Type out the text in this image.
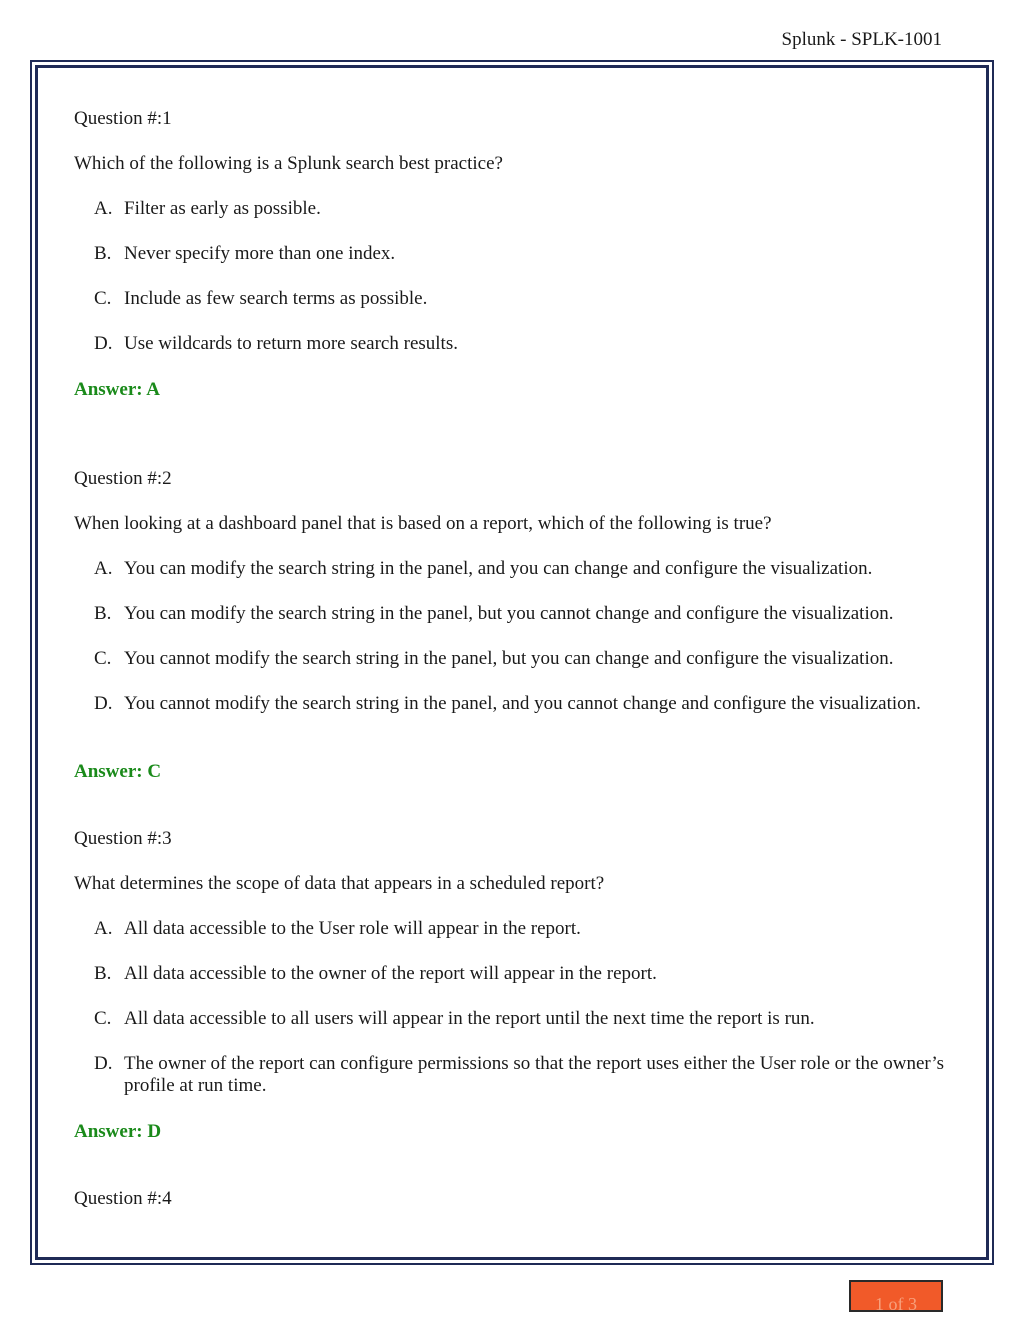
Splunk - SPLK-1001
Question #:1
Which of the following is a Splunk search best practice?
A. Filter as early as possible.
B. Never specify more than one index.
C. Include as few search terms as possible.
D. Use wildcards to return more search results.
Answer: A
Question #:2
When looking at a dashboard panel that is based on a report, which of the following is true?
A. You can modify the search string in the panel, and you can change and configure the visualization.
B. You can modify the search string in the panel, but you cannot change and configure the visualization.
C. You cannot modify the search string in the panel, but you can change and configure the visualization.
D. You cannot modify the search string in the panel, and you cannot change and configure the visualization.
Answer: C
Question #:3
What determines the scope of data that appears in a scheduled report?
A. All data accessible to the User role will appear in the report.
B. All data accessible to the owner of the report will appear in the report.
C. All data accessible to all users will appear in the report until the next time the report is run.
D. The owner of the report can configure permissions so that the report uses either the User role or the owner’s profile at run time.
Answer: D
Question #:4
1 of 3
